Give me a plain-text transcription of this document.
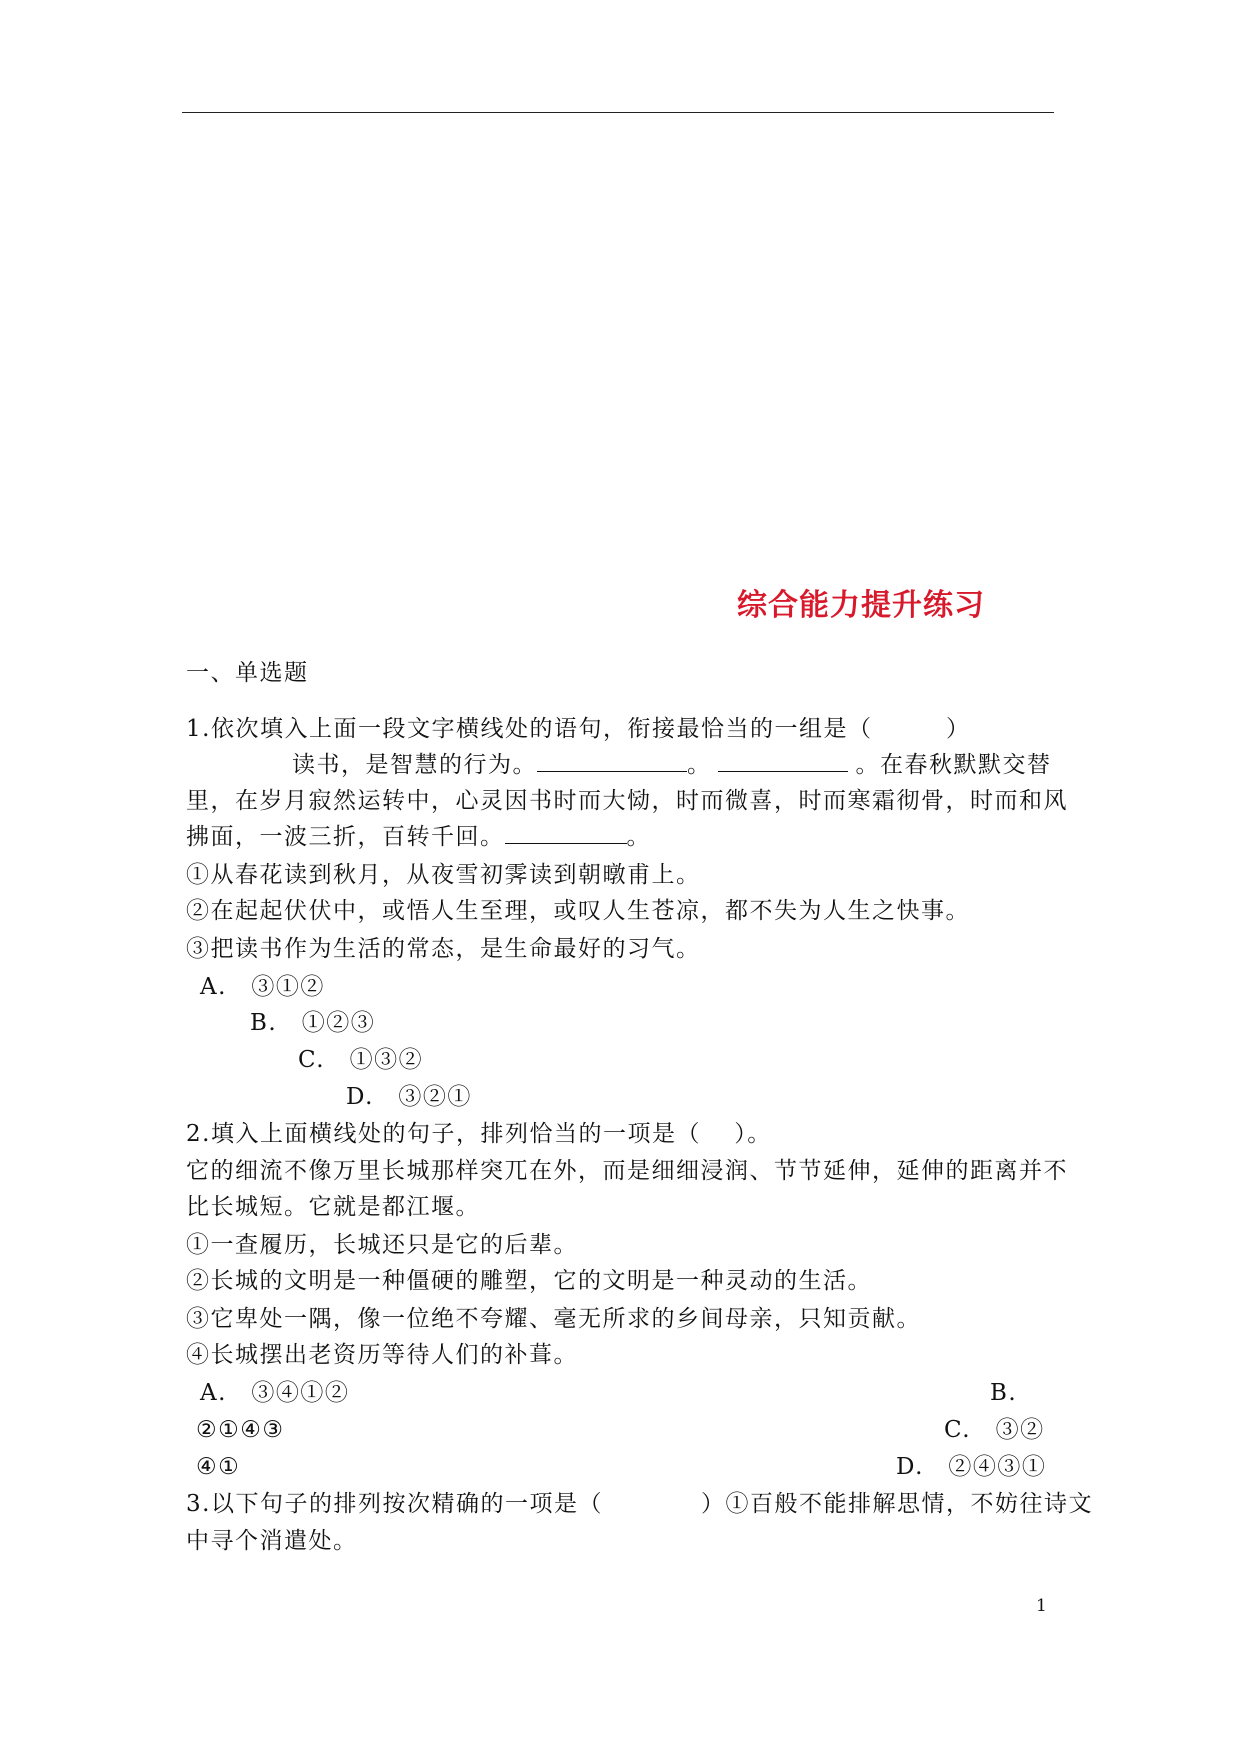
综合能力提升练习
一、单选题
1.依次填入上面一段文字横线处的语句，衔接最恰当的一组是（　　　）
读书，是智慧的行为。	。	。在春秋默默交替
里，在岁月寂然运转中，心灵因书时而大恸，时而微喜，时而寒霜彻骨，时而和风
拂面，一波三折，百转千回。	。
①从春花读到秋月，从夜雪初霁读到朝暾甫上。
②在起起伏伏中，或悟人生至理，或叹人生苍凉，都不失为人生之快事。
③把读书作为生活的常态，是生命最好的习气。
A.　③①②
B.　①②③
C.　①③②
D.　③②①
2.填入上面横线处的句子，排列恰当的一项是（　 ）。
它的细流不像万里长城那样突兀在外，而是细细浸润、节节延伸，延伸的距离并不
比长城短。它就是都江堰。
①一查履历，长城还只是它的后辈。
②长城的文明是一种僵硬的雕塑，它的文明是一种灵动的生活。
③它卑处一隅，像一位绝不夸耀、毫无所求的乡间母亲，只知贡献。
④长城摆出老资历等待人们的补葺。
A.　③④①②	B.
②①④③	C.　③②
④①	D.　②④③①
3.以下句子的排列按次精确的一项是（　　　　）①百般不能排解思情，不妨往诗文
中寻个消遣处。
1
